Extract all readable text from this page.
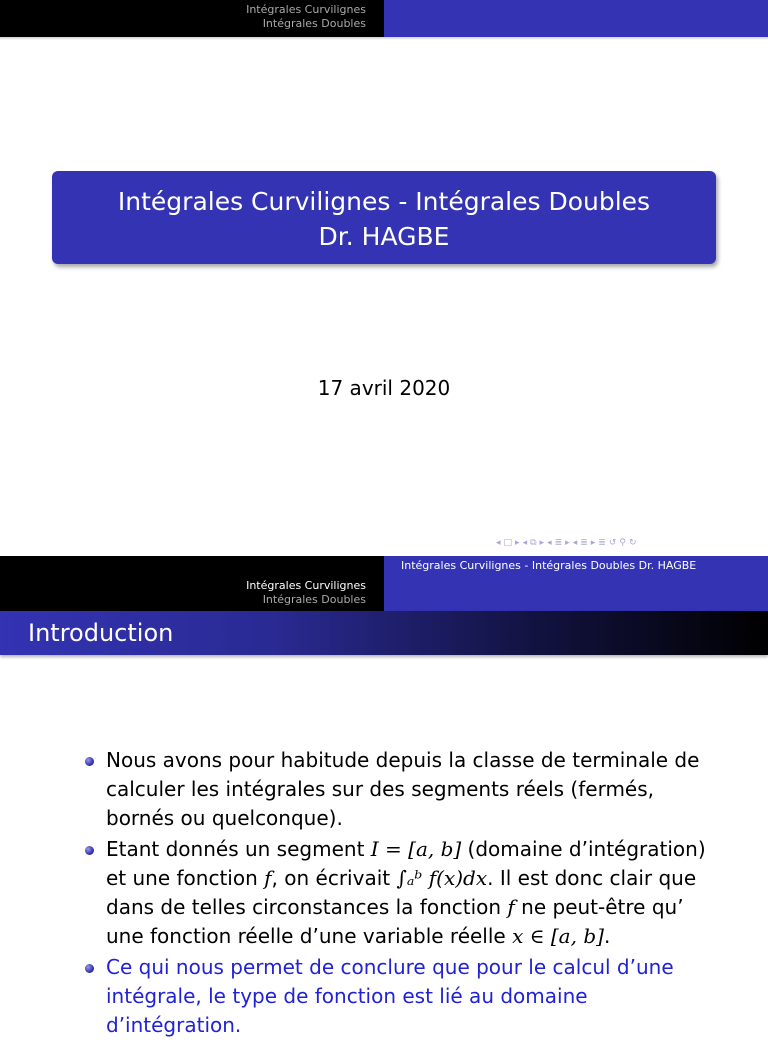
Intégrales Curvilignes
Intégrales Doubles
Intégrales Curvilignes - Intégrales Doubles
Dr. HAGBE
17 avril 2020
◂ □ ▸ ◂ ⧉ ▸ ◂ ≣ ▸ ◂ ≣ ▸ ≣ ↺ ⚲ ↻
Intégrales Curvilignes - Intégrales Doubles Dr. HAGBE
Intégrales Curvilignes
Intégrales Doubles
Introduction
Nous avons pour habitude depuis la classe de terminale de calculer les intégrales sur des segments réels (fermés, bornés ou quelconque).
Etant donnés un segment I = [a, b] (domaine d’intégration) et une fonction f, on écrivait ∫ₐᵇ f(x)dx. Il est donc clair que dans de telles circonstances la fonction f ne peut-être qu’ une fonction réelle d’une variable réelle x ∈ [a, b].
Ce qui nous permet de conclure que pour le calcul d’une intégrale, le type de fonction est lié au domaine d’intégration.
